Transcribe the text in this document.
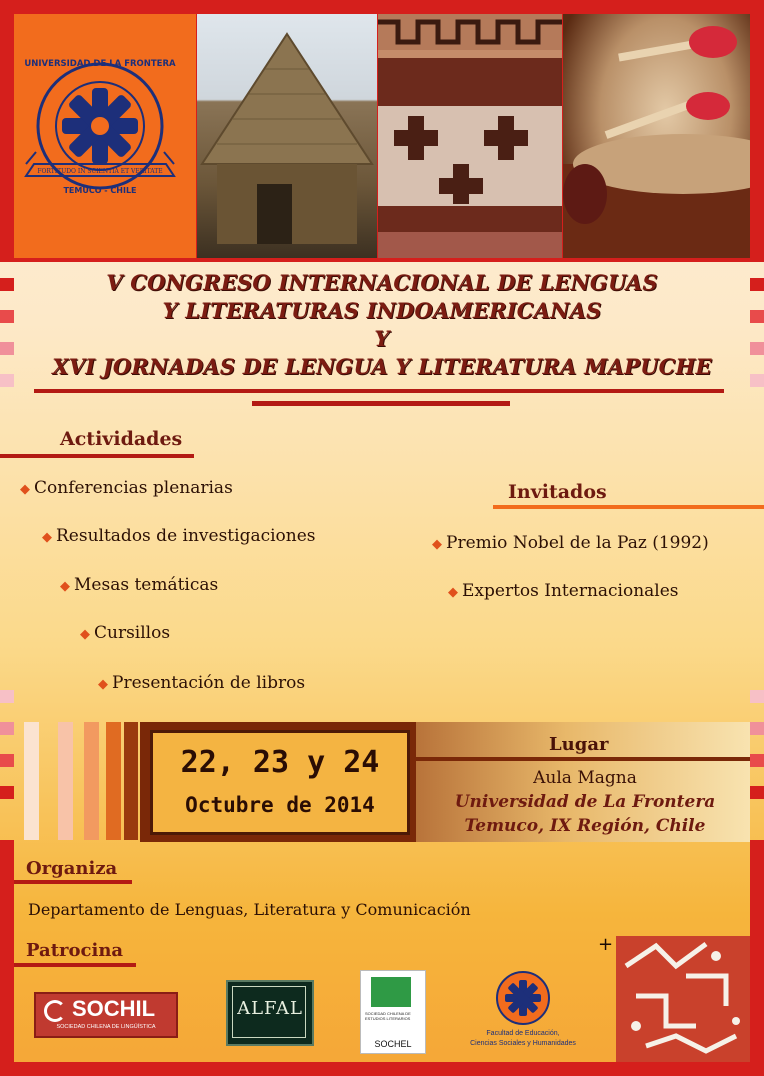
UNIVERSIDAD DE LA FRONTERA
TEMUCO - CHILE
FORTITUDO IN SCIENTIA ET VERITATE
V CONGRESO INTERNACIONAL DE LENGUAS
Y LITERATURAS INDOAMERICANAS
Y
XVI JORNADAS DE LENGUA Y LITERATURA MAPUCHE
Actividades
◆ Conferencias plenarias
◆ Resultados de investigaciones
◆ Mesas temáticas
◆ Cursillos
◆ Presentación de libros
Invitados
◆ Premio Nobel de la Paz (1992)
◆ Expertos Internacionales
22, 23 y 24
Octubre de 2014
Lugar
Aula Magna
Universidad de La Frontera
Temuco, IX Región, Chile
Organiza
Departamento de Lenguas, Literatura y Comunicación
Patrocina
SOCHIL
SOCIEDAD CHILENA DE LINGÜÍSTICA
ALFAL	SOCIEDAD CHILENA DE ESTUDIOS LITERARIOS
SOCHEL
Facultad de Educación,
Ciencias Sociales y Humanidades
+
